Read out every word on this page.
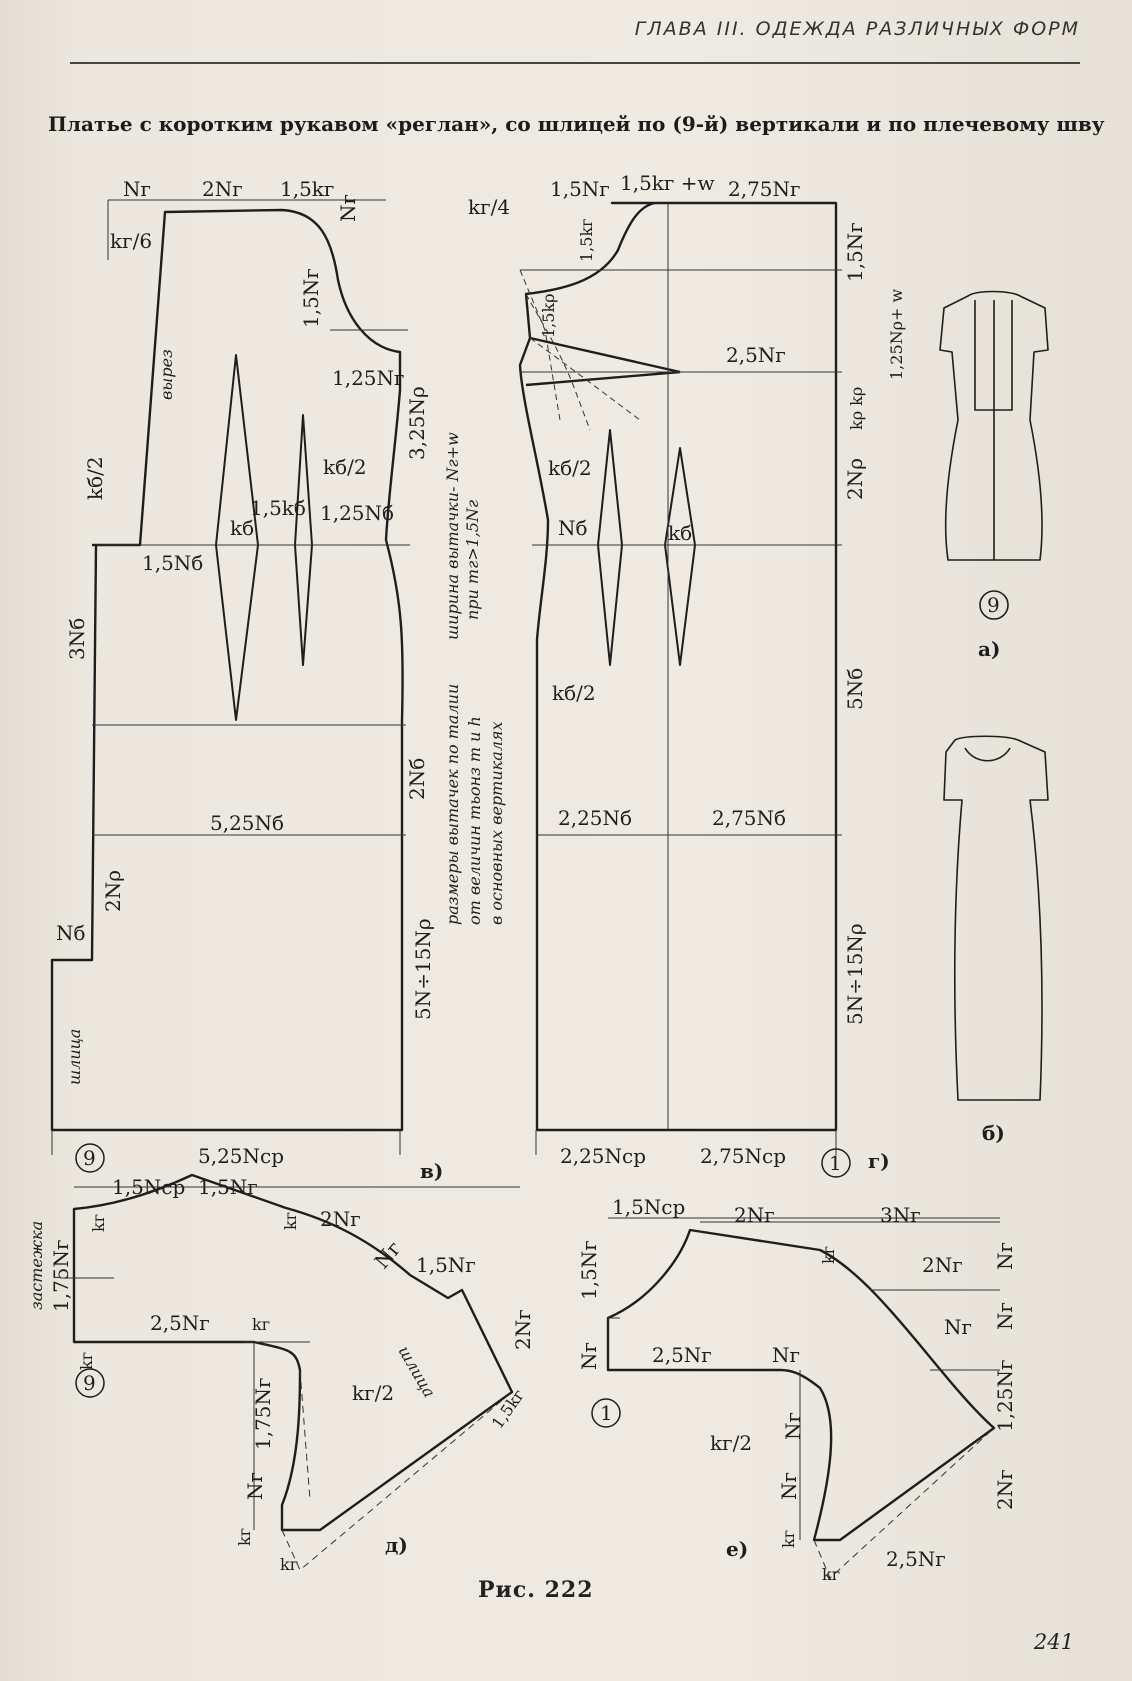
ГЛАВА III. ОДЕЖДА РАЗЛИЧНЫХ ФОРМ
Платье с коротким рукавом «реглан», со шлицей по (9-й) вертикали и по плечевому шву
Nг	2Nг 1,5kг
kг/6
Nг
1,5Nг
вырез	1,25Nг
3,25Nρ
kб/2	kб/2
kб
1,5kб 1,25Nб
1,5Nб
3Nб
2Nб
5,25Nб
2Nρ
Nб
шлица
5N÷15Nρ
5,25Nср
9
в)
ширина вытачки- Nг+w при mг>1,5Nг
размеры вытачек по талии от величин тьонз m и h в основных вертикалях
kг/4
1,5Nг 1,5kг +w 2,75Nг
1,5kг	1,5Nг
1,25Nρ+ w
1,5kρ
2,5Nг
kρ kρ
kб/2	2Nρ
Nб	kб
kб/2	5Nб
2,25Nб	2,75Nб
5N÷15Nρ
2,25Nср	2,75Nср 1 г)
9
а)
б)
1,5Nср 1,5Nг
kг	kг 2Nг
Nг 1,5Nг
застежка 1,75Nг
2,5Nг	kг
kг
kг/2 шлица
2Nг
1,5kг
1,75Nг
Nг
kг
kг
9
д)
1,5Nср 2Nг
kг
3Nг
1,5Nг	Nг
2Nг
Nг Nг
Nг	2,5Nг	Nг
1,25Nг
kг/2
Nг
Nг	2Nг
kг
kг
2,5Nг
1
е)
Рис. 222
241
